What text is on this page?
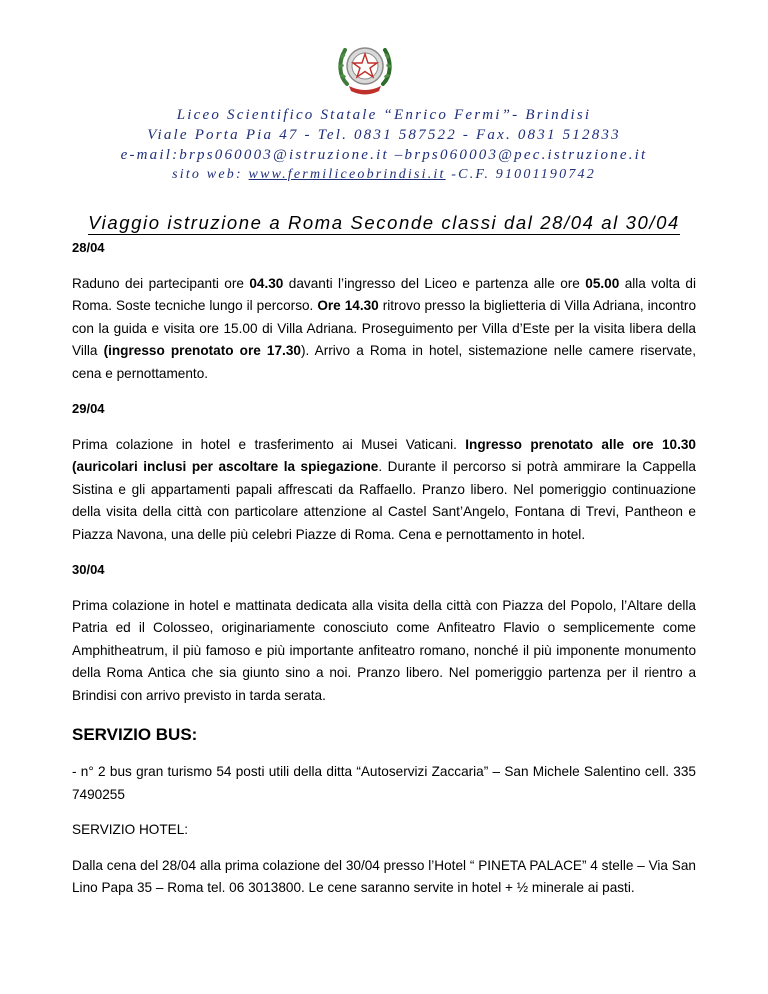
Liceo Scientifico Statale “Enrico Fermi”- Brindisi
Viale Porta Pia 47 - Tel. 0831 587522 - Fax. 0831 512833
e-mail:brps060003@istruzione.it –brps060003@pec.istruzione.it
sito web: www.fermiliceobrindisi.it -C.F. 91001190742
Viaggio istruzione a Roma Seconde classi dal 28/04 al 30/04

28/04

Raduno dei partecipanti ore 04.30 davanti l’ingresso del Liceo e partenza alle ore 05.00 alla volta di Roma. Soste tecniche lungo il percorso. Ore 14.30 ritrovo presso la biglietteria di Villa Adriana, incontro con la guida e visita ore 15.00 di Villa Adriana. Proseguimento per Villa d’Este per la visita libera della Villa (ingresso prenotato ore 17.30). Arrivo a Roma in hotel, sistemazione nelle camere riservate, cena e pernottamento.

29/04

Prima colazione in hotel e trasferimento ai Musei Vaticani. Ingresso prenotato alle ore 10.30 (auricolari inclusi per ascoltare la spiegazione. Durante il percorso si potrà ammirare la Cappella Sistina e gli appartamenti papali affrescati da Raffaello. Pranzo libero. Nel pomeriggio continuazione della visita della città con particolare attenzione al Castel Sant’Angelo, Fontana di Trevi, Pantheon e Piazza Navona, una delle più celebri Piazze di Roma. Cena e pernottamento in hotel.

30/04

Prima colazione in hotel e mattinata dedicata alla visita della città con Piazza del Popolo, l’Altare della Patria ed il Colosseo, originariamente conosciuto come Anfiteatro Flavio o semplicemente come Amphitheatrum, il più famoso e più importante anfiteatro romano, nonché il più imponente monumento della Roma Antica che sia giunto sino a noi. Pranzo libero. Nel pomeriggio partenza per il rientro a Brindisi con arrivo previsto in tarda serata.

SERVIZIO BUS:

- n° 2 bus gran turismo 54 posti utili della ditta “Autoservizi Zaccaria” – San Michele Salentino cell. 335 7490255

SERVIZIO HOTEL:

Dalla cena del 28/04 alla prima colazione del 30/04 presso l’Hotel “ PINETA PALACE” 4 stelle – Via San Lino Papa 35 – Roma tel. 06 3013800. Le cene saranno servite in hotel + ½ minerale ai pasti.
